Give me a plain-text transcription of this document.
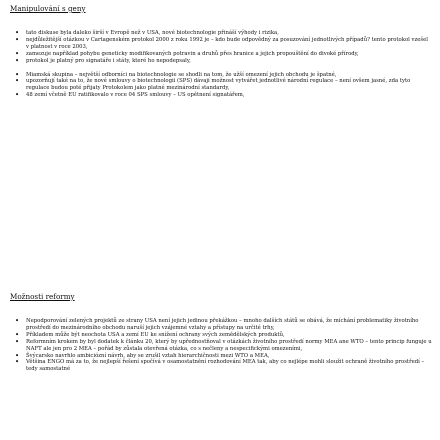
Manipulování s geny
• tato diskuse byla daleko širší v Evropě než v USA, nové biotechnologie přináší výhody i rizika,
• nejdůležitější otázkou v Cartagenském protokol 2000 z roku 1992 je – kdo bude odpovědný za posuzování jednotlivých případů? tento protokol vzešel v platnost v roce 2003,
• zamezuje například pohybu geneticky modifikovaných potravin a druhů přes hranice a jejich propouštění do divoké přírody,
• protokol je platný pro signatáře i státy, které ho nepodepsaly,
• Miamská skupina – největší odborníci na biotechnologie se shodli na tom, že užší omezení jejich obchodu je špatné,
• upozorňují také na to, že nové smlouvy o biotechnologii (SPS) dávají možnost vytvářet jednotlivé národní regulace – není ovšem jasné, zda tyto regulace budou poté přijaty Protokolem jako platné mezinárodní standardy,
• 48 zemí včetně EU ratifikovalo v roce 04 SPS smlouvy – US opětnení signatářem,
Možnosti reformy
• Nepodporování zelených projektů ze strany USA není jejich jedinou překážkou – mnoho dalších států se obává, že míchání problematiky životního prostředí do mezinárodního obchodu naruší jejich vzájemné vztahy a přístupy na určité trhy,
• Příkladem může být neochota USA a zemí EU ke snížení ochrany svých zemědělských produktů,
• Reformním krokem by byl dodatek k článku 20, který by upřednostňoval v otázkách životního prostředí normy MEA ane WTO – tento princip funguje u NAFT ale jen pro 2 MEA – pořád by zůstala otevřená otázka, co s nečleny a nespecifickými omezeními,
• Švýcarsko navrhlo ambiciózní návrh, aby se zrušil vztah hierarchičnosti mezi WTO a MEA,
• Většina ENGO má za to, že nejlepší řešení spočívá v osamostatnění rozhodování MEA tak, aby co nejlépe mohli sloužit ochraně životního prostředí – tedy samostatné
